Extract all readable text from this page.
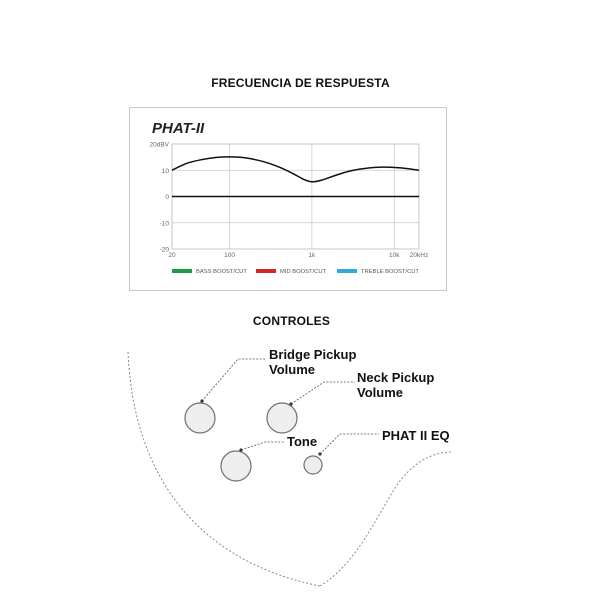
FRECUENCIA DE RESPUESTA
PHAT-II
20dBV
10
0
-10
-20
20	100	1k	10k 20kHz
BASS BOOST/CUT	MID BOOST/CUT	TREBLE BOOST/CUT
CONTROLES
Bridge Pickup
Volume
Neck Pickup
Volume
Tone	PHAT II EQ
